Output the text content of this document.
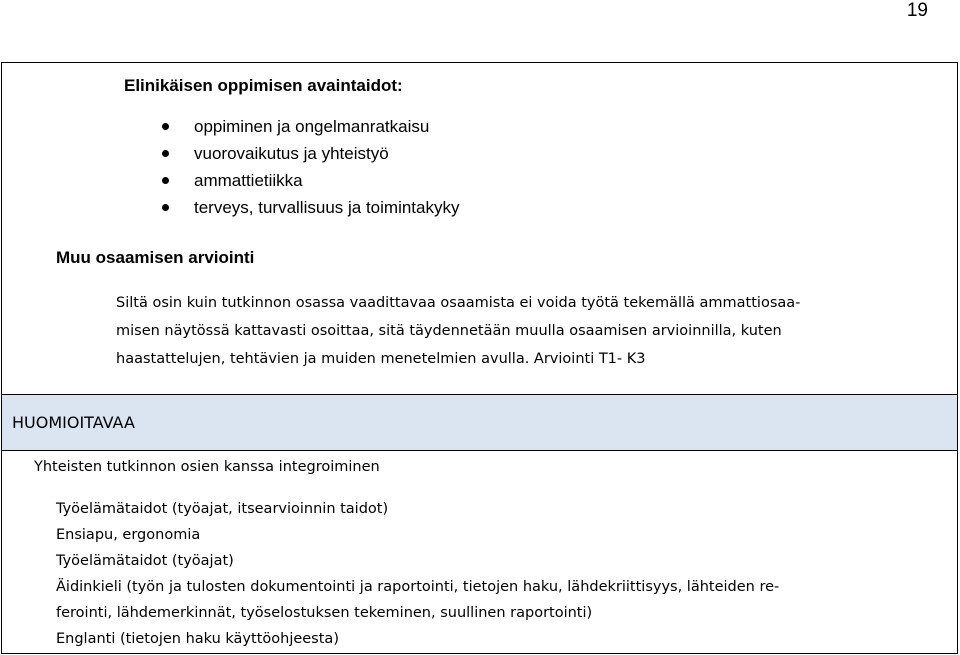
19
Elinikäisen oppimisen avaintaidot:
oppiminen ja ongelmanratkaisu
vuorovaikutus ja yhteistyö
ammattietiikka
terveys, turvallisuus ja toimintakyky
Muu osaamisen arviointi
Siltä osin kuin tutkinnon osassa vaadittavaa osaamista ei voida työtä tekemällä ammattiosaa-
misen näytössä kattavasti osoittaa, sitä täydennetään muulla osaamisen arvioinnilla, kuten
haastattelujen, tehtävien ja muiden menetelmien avulla. Arviointi T1- K3
HUOMIOITAVAA
Yhteisten tutkinnon osien kanssa integroiminen
Työelämätaidot (työajat, itsearvioinnin taidot)
Ensiapu, ergonomia
Työelämätaidot (työajat)
Äidinkieli (työn ja tulosten dokumentointi ja raportointi, tietojen haku, lähdekriittisyys, lähteiden re-
ferointi, lähdemerkinnät, työselostuksen tekeminen, suullinen raportointi)
Englanti (tietojen haku käyttöohjeesta)
